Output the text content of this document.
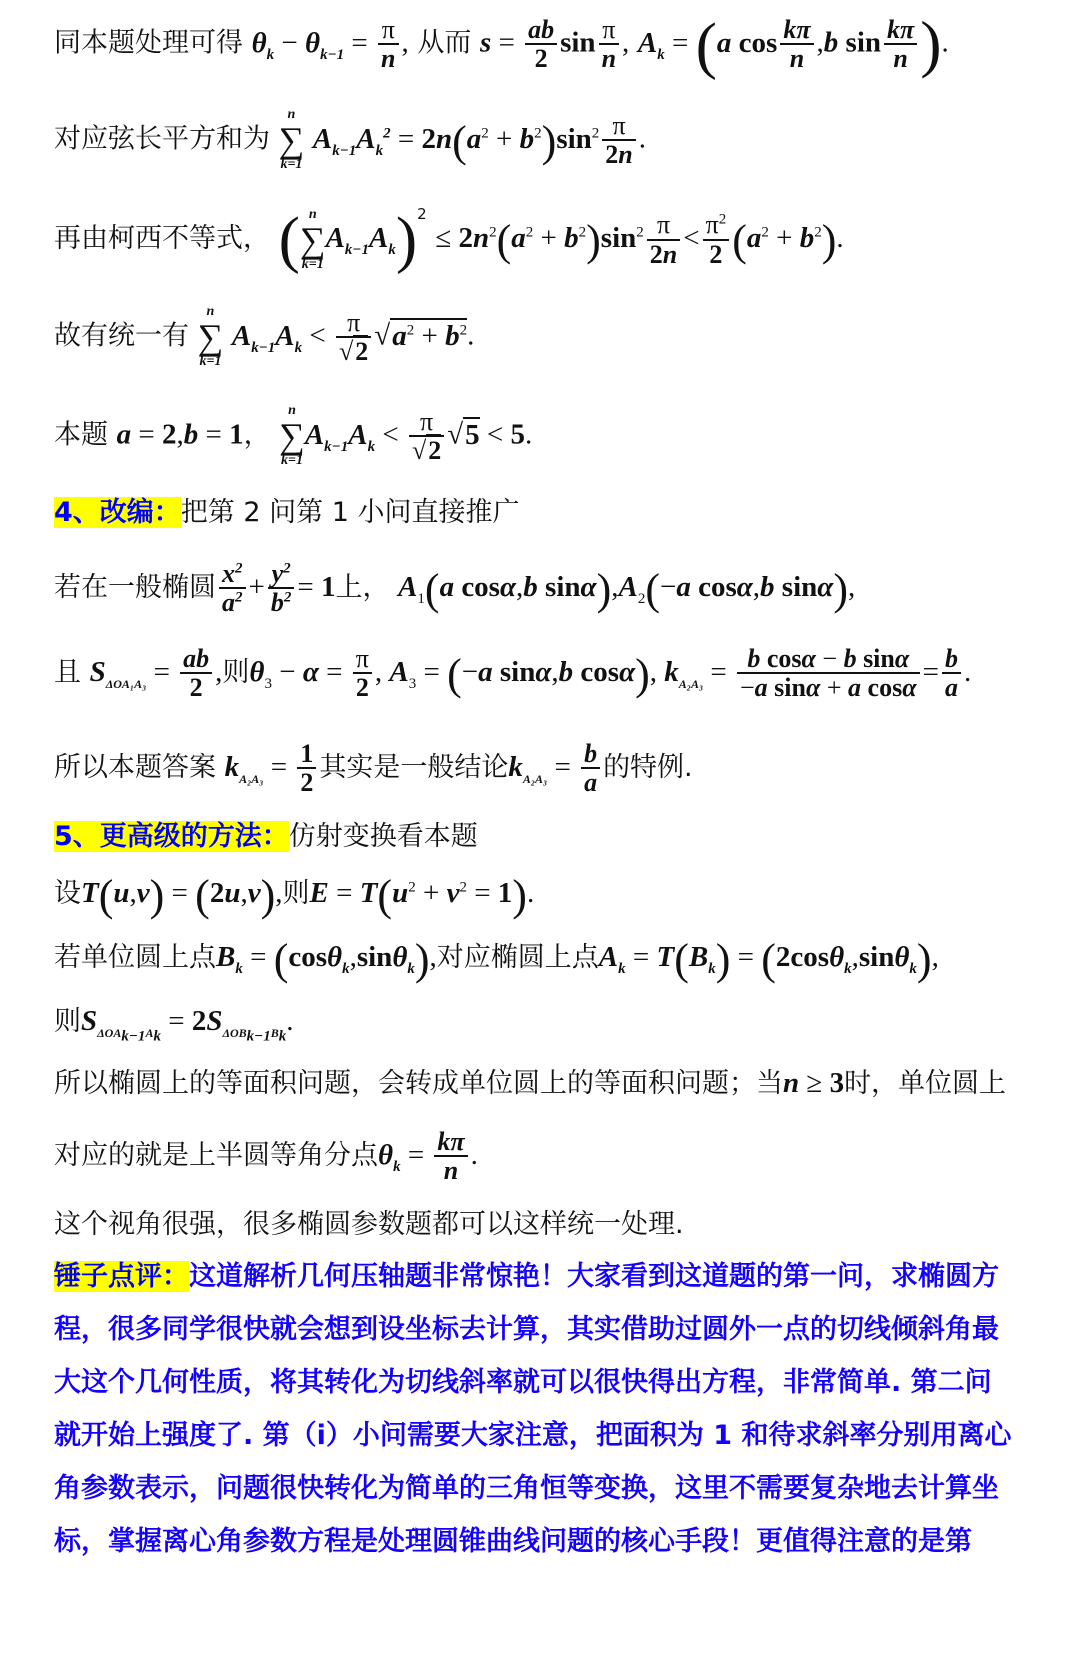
同本题处理可得 $\theta_k - \theta_{k-1} = \frac{\pi}{n}$ , 从而 $s = \frac{ab}{2}$ $\sin \frac{\pi}{n}$ , $A_k = (a$ $\cos \frac{k\pi}{n} ,b$ $\sin \frac{k\pi}{n}$ ).
对应弦长平方和为
n
∑
k=1
$A_{k-1}A_k^2 = 2n(a^2 + b^2)\sin^2 \frac{\pi}{2n}$ .
再由柯西不等式， ( n
∑
k=1
$A_{k-1}A_k)^2 \le 2n^2(a^2 + b^2)\sin^2 \frac{\pi}{2n} < \frac{\pi^2}{2} (a^2 + b^2)$.
故有统一有
n
∑
k=1
$A_{k-1}A_k < \frac{\pi}{√2} √a^2 + b^2$.
本题 a = 2,b = 1，
n
∑
k=1
$A_{k-1}A_k < \frac{\pi}{√2} √5 < 5$.
4、改编：把第 2 问第 1 小问直接推广
若在一般椭圆 $\frac{x^2}{a^2} + \frac{y^2}{b^2} = 1$上， $A_1(a$ cosα,b $\sin\alpha),A_2(-a$ cosα,b sinα),
且 $S_{\Delta OA_1A_3} = \frac{ab}{2}$ ,则$\theta_3 - \alpha = \frac{\pi}{2}$ , $A_3 = (-a$ sinα,b cosα), $k_{A_2A_3} = \frac{\text{b cosα − b sinα}}{\text{−a sinα + a cosα}} = \frac{b}{a}$ .
所以本题答案 $k_{A_2A_3} = \frac{1}{2}$ 其实是一般结论$k_{A_2A_3} = \frac{b}{a}$ 的特例.
5、更高级的方法：仿射变换看本题
设T(u,v) = (2u,v),则$E = T(u^2 + v^2 = 1)$.
若单位圆上点$B_k = (\cos\theta_k,\sin\theta_k)$,对应椭圆上点$A_k = T(B_k) = (2\cos\theta_k,\sin\theta_k)$,
则$S_{\Delta OA_{k-1}A_k} = 2S_{\Delta OB_{k-1}B_k}$.
所以椭圆上的等面积问题，会转成单位圆上的等面积问题；当n ≥ 3时，单位圆上
对应的就是上半圆等角分点$\theta_k = \frac{k\pi}{n}$ .
这个视角很强，很多椭圆参数题都可以这样统一处理.
锤子点评：这道解析几何压轴题非常惊艳！大家看到这道题的第一问，求椭圆方
程，很多同学很快就会想到设坐标去计算，其实借助过圆外一点的切线倾斜角最
大这个几何性质，将其转化为切线斜率就可以很快得出方程，非常简单. 第二问
就开始上强度了. 第（i）小问需要大家注意，把面积为 1 和待求斜率分别用离心
角参数表示，问题很快转化为简单的三角恒等变换，这里不需要复杂地去计算坐
标，掌握离心角参数方程是处理圆锥曲线问题的核心手段！更值得注意的是第
